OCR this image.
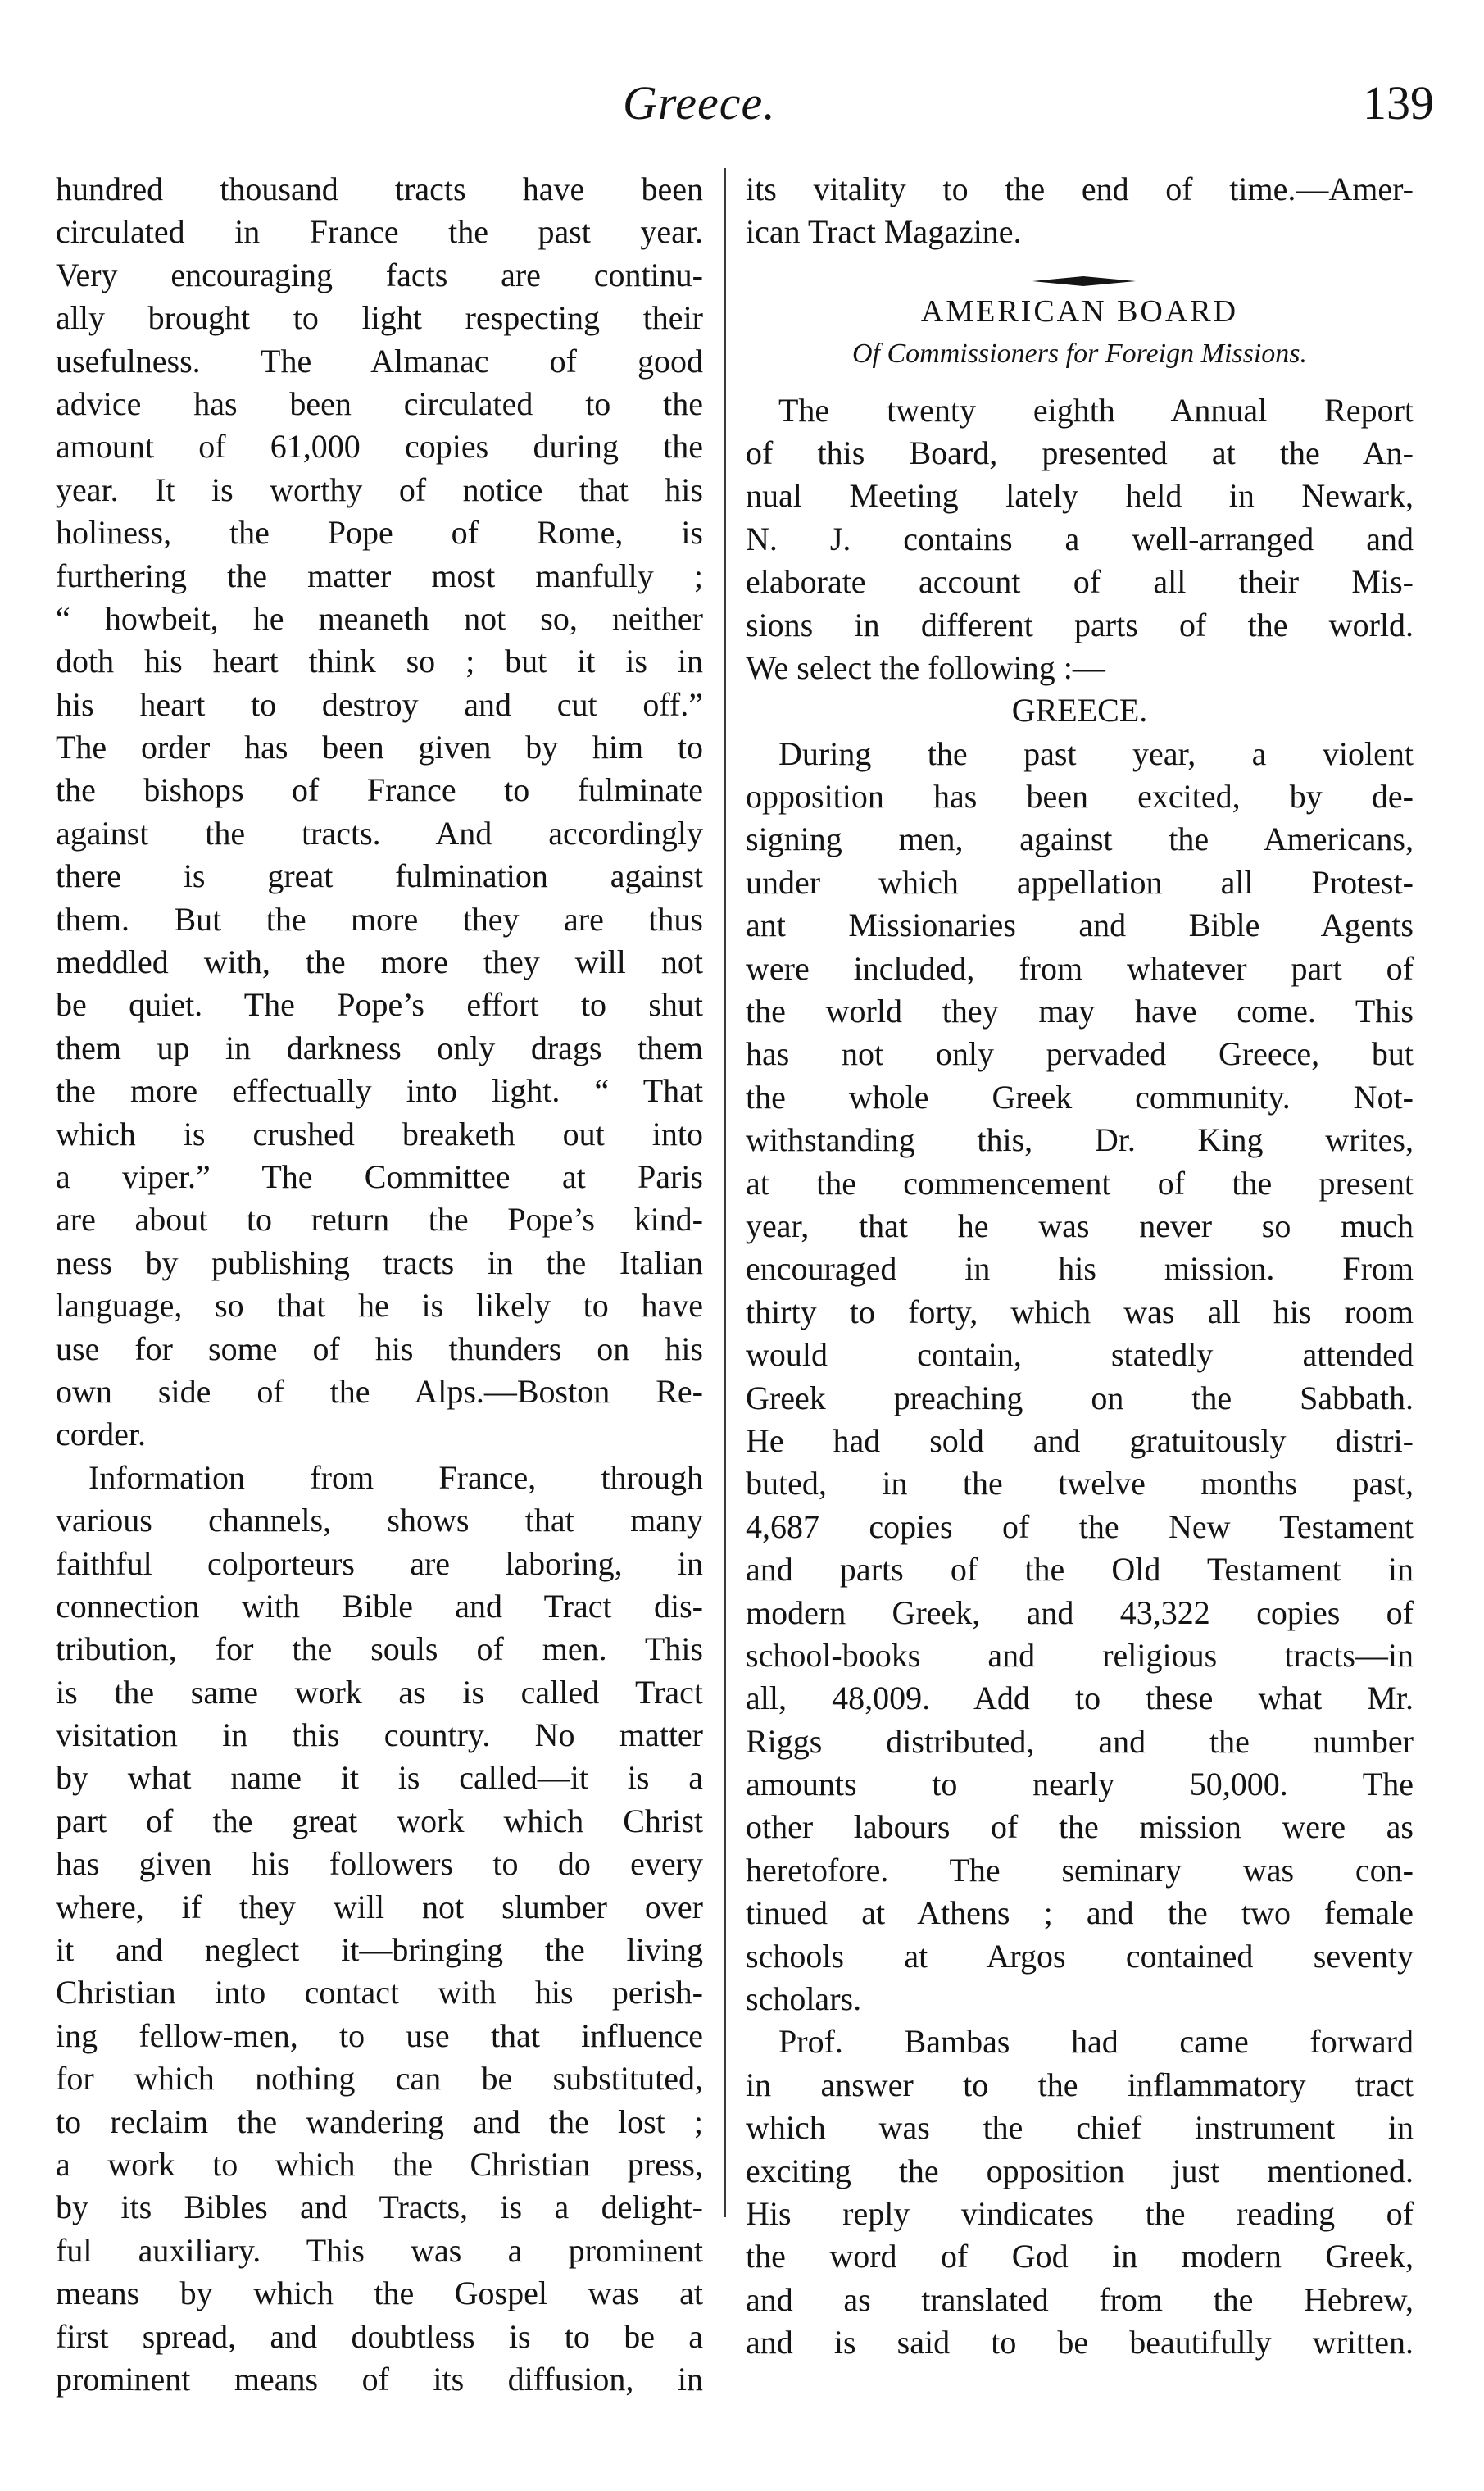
Greece.	139
hundred thousand tracts have been
circulated in France the past year.
Very encouraging facts are continu-
ally brought to light respecting their
usefulness. The Almanac of good
advice has been circulated to the
amount of 61,000 copies during the
year. It is worthy of notice that his
holiness, the Pope of Rome, is
furthering the matter most manfully ;
“ howbeit, he meaneth not so, neither
doth his heart think so ; but it is in
his heart to destroy and cut off.”
The order has been given by him to
the bishops of France to fulminate
against the tracts. And accordingly
there is great fulmination against
them. But the more they are thus
meddled with, the more they will not
be quiet. The Pope’s effort to shut
them up in darkness only drags them
the more effectually into light. “ That
which is crushed breaketh out into
a viper.” The Committee at Paris
are about to return the Pope’s kind-
ness by publishing tracts in the Italian
language, so that he is likely to have
use for some of his thunders on his
own side of the Alps.—Boston Re-
corder.
Information from France, through
various channels, shows that many
faithful colporteurs are laboring, in
connection with Bible and Tract dis-
tribution, for the souls of men. This
is the same work as is called Tract
visitation in this country. No matter
by what name it is called—it is a
part of the great work which Christ
has given his followers to do every
where, if they will not slumber over
it and neglect it—bringing the living
Christian into contact with his perish-
ing fellow-men, to use that influence
for which nothing can be substituted,
to reclaim the wandering and the lost ;
a work to which the Christian press,
by its Bibles and Tracts, is a delight-
ful auxiliary. This was a prominent
means by which the Gospel was at
first spread, and doubtless is to be a
prominent means of its diffusion, in
its vitality to the end of time.—Amer-
ican Tract Magazine.
AMERICAN BOARD
Of Commissioners for Foreign Missions.
The twenty eighth Annual Report
of this Board, presented at the An-
nual Meeting lately held in Newark,
N. J. contains a well-arranged and
elaborate account of all their Mis-
sions in different parts of the world.
We select the following :—
GREECE.
During the past year, a violent
opposition has been excited, by de-
signing men, against the Americans,
under which appellation all Protest-
ant Missionaries and Bible Agents
were included, from whatever part of
the world they may have come. This
has not only pervaded Greece, but
the whole Greek community. Not-
withstanding this, Dr. King writes,
at the commencement of the present
year, that he was never so much
encouraged in his mission. From
thirty to forty, which was all his room
would contain, statedly attended
Greek preaching on the Sabbath.
He had sold and gratuitously distri-
buted, in the twelve months past,
4,687 copies of the New Testament
and parts of the Old Testament in
modern Greek, and 43,322 copies of
school-books and religious tracts—in
all, 48,009. Add to these what Mr.
Riggs distributed, and the number
amounts to nearly 50,000. The
other labours of the mission were as
heretofore. The seminary was con-
tinued at Athens ; and the two female
schools at Argos contained seventy
scholars.
Prof. Bambas had came forward
in answer to the inflammatory tract
which was the chief instrument in
exciting the opposition just mentioned.
His reply vindicates the reading of
the word of God in modern Greek,
and as translated from the Hebrew,
and is said to be beautifully written.
